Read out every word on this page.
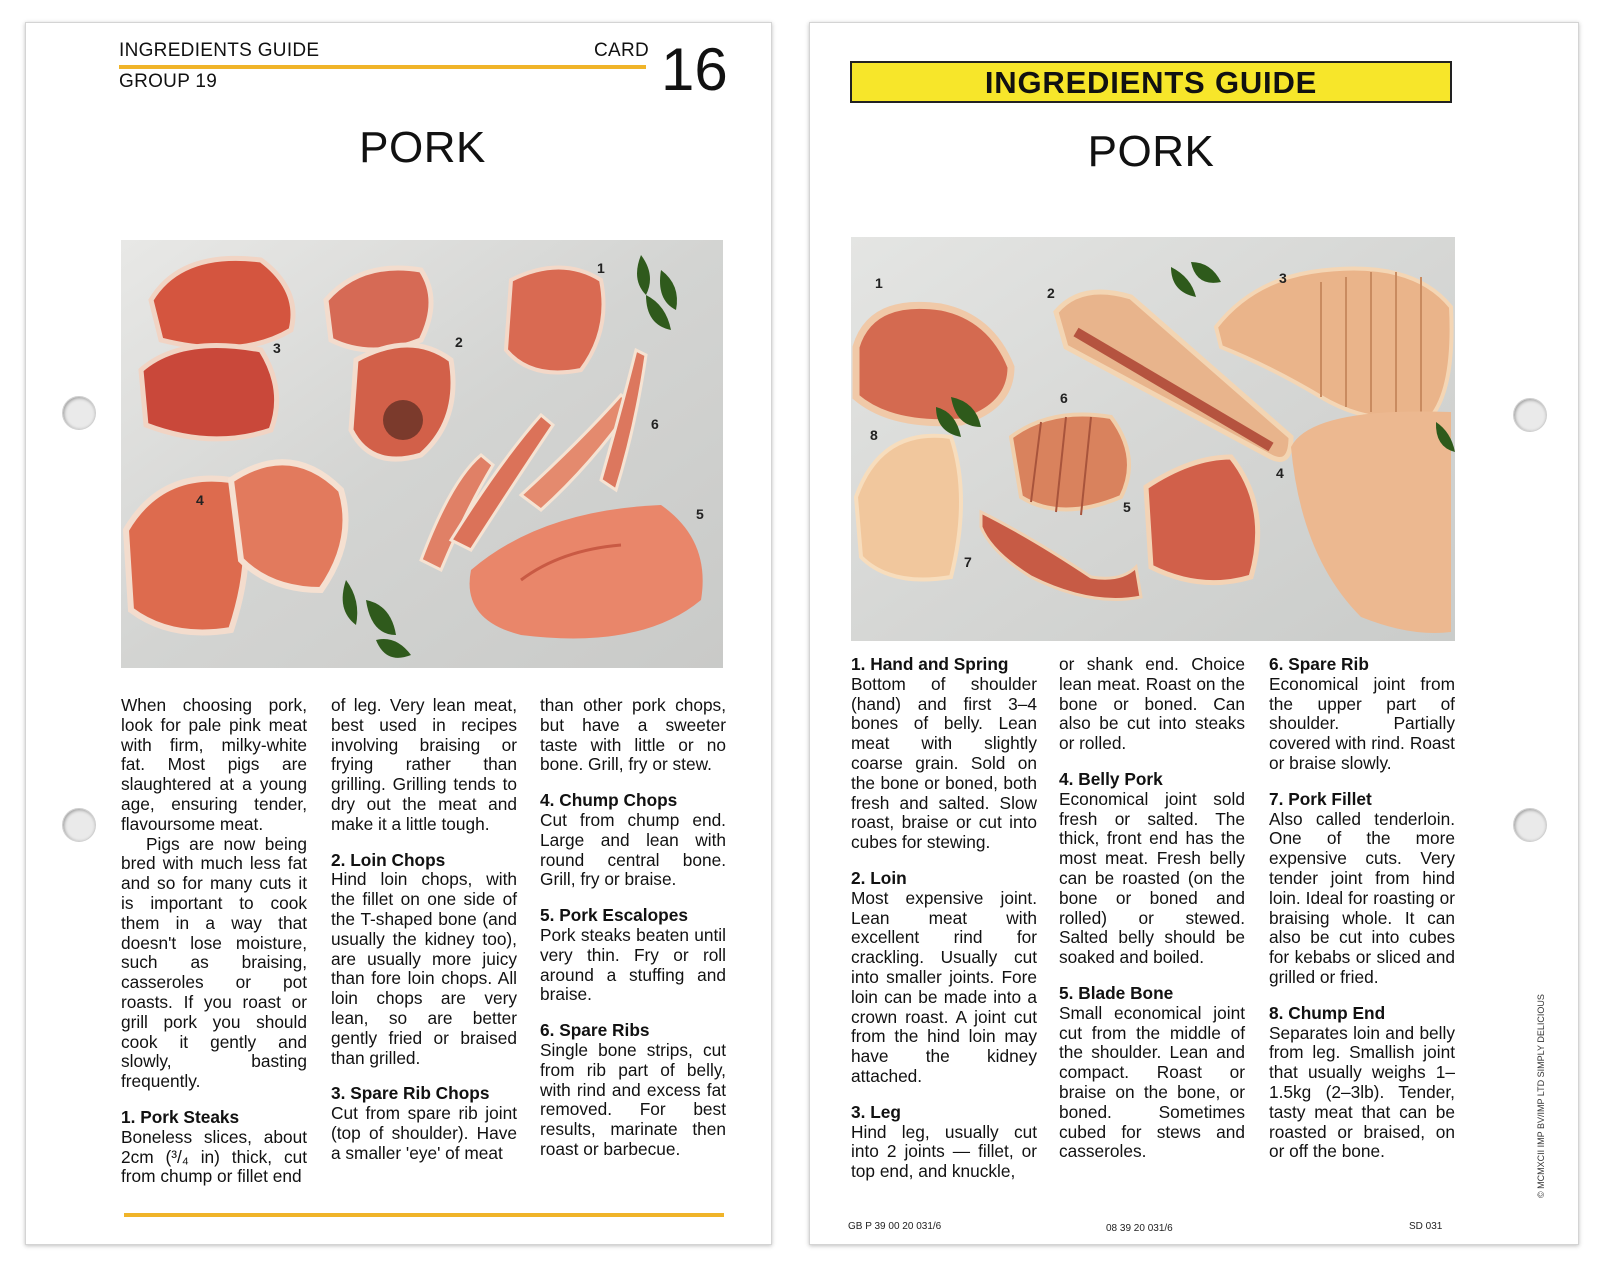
INGREDIENTS GUIDE	CARD
GROUP 19	16
PORK
1
2
3
4
5
6

When choosing pork, look for pale pink meat with firm, milky-white fat. Most pigs are slaughtered at a young age, ensuring tender, flavoursome meat.

Pigs are now being bred with much less fat and so for many cuts it is important to cook them in a way that doesn't lose moisture, such as braising, casseroles or pot roasts. If you roast or grill pork you should cook it gently and slowly, basting frequently.

1. Pork Steaks
Boneless slices, about 2cm (³/₄ in) thick, cut from chump or fillet end

of leg. Very lean meat, best used in recipes involving braising or frying rather than grilling. Grilling tends to dry out the meat and make it a little tough.

2. Loin Chops
Hind loin chops, with the fillet on one side of the T-shaped bone (and usually the kidney too), are usually more juicy than fore loin chops. All loin chops are very lean, so are better gently fried or braised than grilled.
3. Spare Rib Chops
Cut from spare rib joint (top of shoulder). Have a smaller 'eye' of meat

than other pork chops, but have a sweeter taste with little or no bone. Grill, fry or stew.

4. Chump Chops
Cut from chump end. Large and lean with round central bone. Grill, fry or braise.
5. Pork Escalopes
Pork steaks beaten until very thin. Fry or roll around a stuffing and braise.
6. Spare Ribs
Single bone strips, cut from rib part of belly, with rind and excess fat removed. For best results, marinate then roast or barbecue.
INGREDIENTS GUIDE
PORK
1
2
3
4
5
6
7
8
1. Hand and Spring
Bottom of shoulder (hand) and first 3–4 bones of belly. Lean meat with slightly coarse grain. Sold on the bone or boned, both fresh and salted. Slow roast, braise or cut into cubes for stewing.
2. Loin
Most expensive joint. Lean meat with excellent rind for crackling. Usually cut into smaller joints. Fore loin can be made into a crown roast. A joint cut from the hind loin may have the kidney attached.
3. Leg
Hind leg, usually cut into 2 joints — fillet, or top end, and knuckle,

or shank end. Choice lean meat. Roast on the bone or boned. Can also be cut into steaks or rolled.

4. Belly Pork
Economical joint sold fresh or salted. The thick, front end has the most meat. Fresh belly can be roasted (on the bone or boned and rolled) or stewed. Salted belly should be soaked and boiled.
5. Blade Bone
Small economical joint cut from the middle of the shoulder. Lean and compact. Roast or braise on the bone, or boned. Sometimes cubed for stews and casseroles.
6. Spare Rib
Economical joint from the upper part of shoulder. Partially covered with rind. Roast or braise slowly.
7. Pork Fillet
Also called tenderloin. One of the more expensive cuts. Very tender joint from hind loin. Ideal for roasting or braising whole. It can also be cut into cubes for kebabs or sliced and grilled or fried.
8. Chump End
Separates loin and belly from leg. Smallish joint that usually weighs 1–1.5kg (2–3lb). Tender, tasty meat that can be roasted or braised, on or off the bone.	© MCMXCII IMP BV/IMP LTD SIMPLY DELICIOUS
GB P 39 00 20 031/6	08 39 20 031/6	SD 031
